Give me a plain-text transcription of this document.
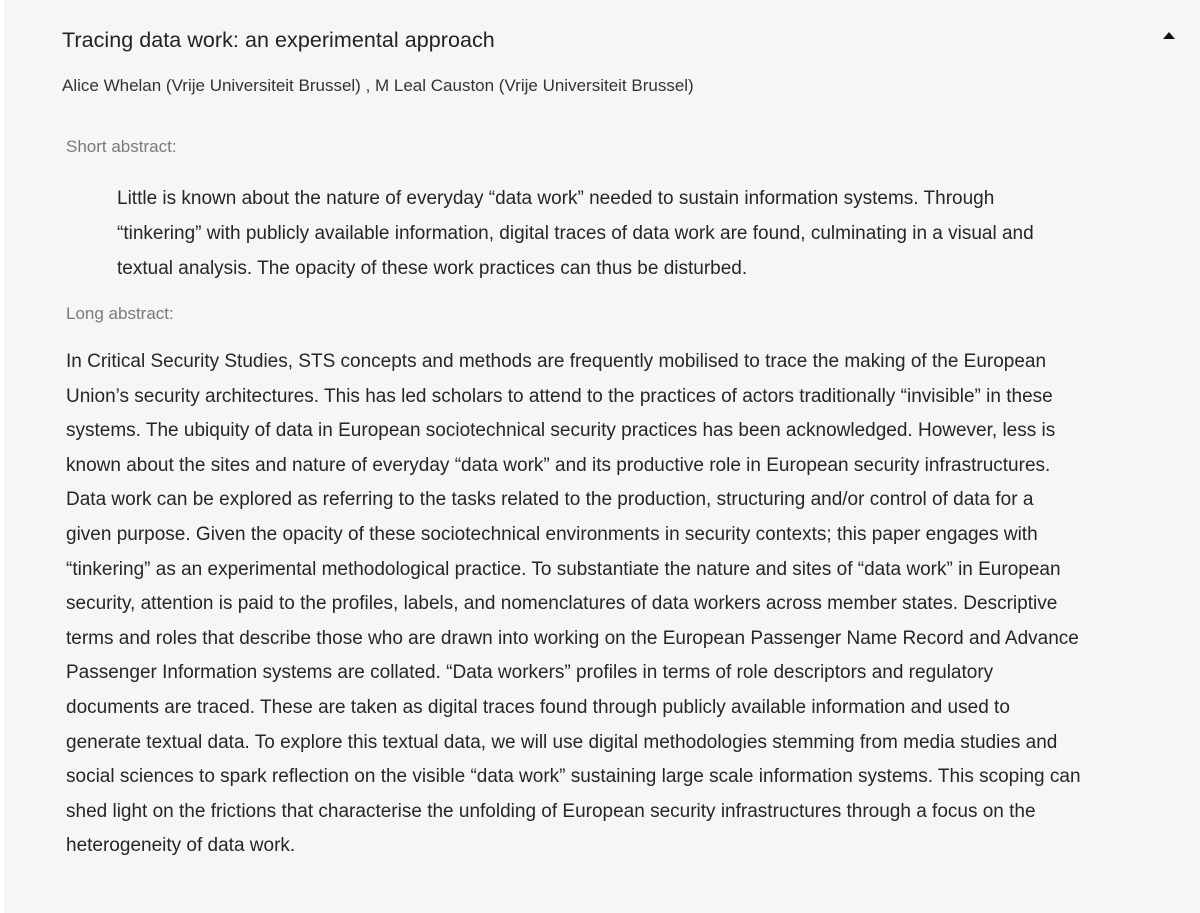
Tracing data work: an experimental approach
Alice Whelan (Vrije Universiteit Brussel) , M Leal Causton (Vrije Universiteit Brussel)
Short abstract:

Little is known about the nature of everyday “data work” needed to sustain information systems. Through
“tinkering” with publicly available information, digital traces of data work are found, culminating in a visual and
textual analysis. The opacity of these work practices can thus be disturbed.

Long abstract:

In Critical Security Studies, STS concepts and methods are frequently mobilised to trace the making of the European
Union’s security architectures. This has led scholars to attend to the practices of actors traditionally “invisible” in these
systems. The ubiquity of data in European sociotechnical security practices has been acknowledged. However, less is
known about the sites and nature of everyday “data work” and its productive role in European security infrastructures.
Data work can be explored as referring to the tasks related to the production, structuring and/or control of data for a
given purpose. Given the opacity of these sociotechnical environments in security contexts; this paper engages with
“tinkering” as an experimental methodological practice. To substantiate the nature and sites of “data work” in European
security, attention is paid to the profiles, labels, and nomenclatures of data workers across member states. Descriptive
terms and roles that describe those who are drawn into working on the European Passenger Name Record and Advance
Passenger Information systems are collated. “Data workers” profiles in terms of role descriptors and regulatory
documents are traced. These are taken as digital traces found through publicly available information and used to
generate textual data. To explore this textual data, we will use digital methodologies stemming from media studies and
social sciences to spark reflection on the visible “data work” sustaining large scale information systems. This scoping can
shed light on the frictions that characterise the unfolding of European security infrastructures through a focus on the
heterogeneity of data work.
